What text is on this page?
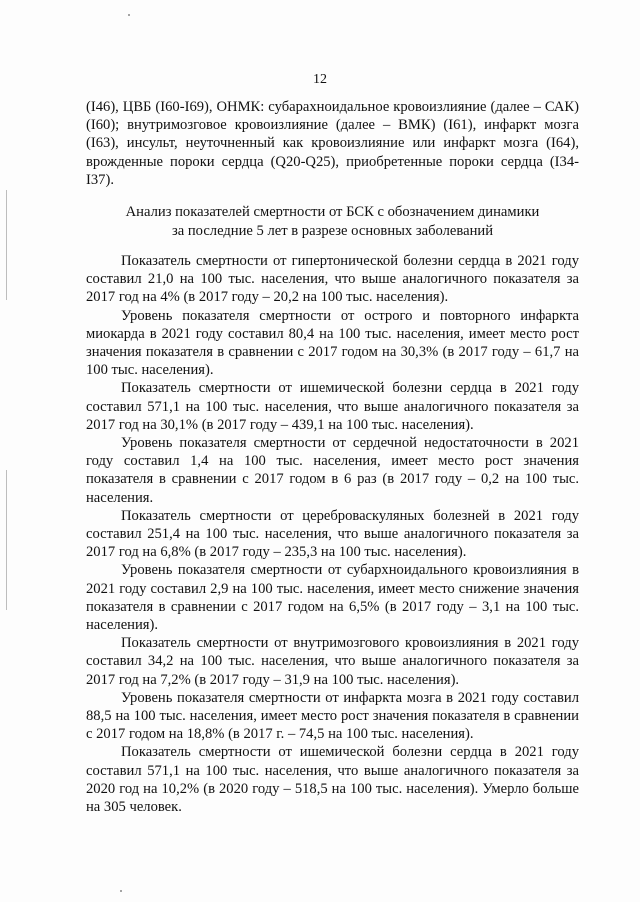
12

(I46), ЦВБ (I60-I69), ОНМК: субарахноидальное кровоизлияние (далее – САК) (I60); внутримозговое кровоизлияние (далее – ВМК) (I61), инфаркт мозга (I63), инсульт, неуточненный как кровоизлияние или инфаркт мозга (I64), врожденные пороки сердца (Q20-Q25), приобретенные пороки сердца (I34-I37).

Анализ показателей смертности от БСК с обозначением динамики
за последние 5 лет в разрезе основных заболеваний

Показатель смертности от гипертонической болезни сердца в 2021 году составил 21,0 на 100 тыс. населения, что выше аналогичного показателя за 2017 год на 4% (в 2017 году – 20,2 на 100 тыс. населения).

Уровень показателя смертности от острого и повторного инфаркта миокарда в 2021 году составил 80,4 на 100 тыс. населения, имеет место рост значения показателя в сравнении с 2017 годом на 30,3% (в 2017 году – 61,7 на 100 тыс. населения).

Показатель смертности от ишемической болезни сердца в 2021 году составил 571,1 на 100 тыс. населения, что выше аналогичного показателя за 2017 год на 30,1% (в 2017 году – 439,1 на 100 тыс. населения).

Уровень показателя смертности от сердечной недостаточности в 2021 году составил 1,4 на 100 тыс. населения, имеет место рост значения показателя в сравнении с 2017 годом в 6 раз (в 2017 году – 0,2 на 100 тыс. населения.

Показатель смертности от цереброваскуляных болезней в 2021 году составил 251,4 на 100 тыс. населения, что выше аналогичного показателя за 2017 год на 6,8% (в 2017 году – 235,3 на 100 тыс. населения).

Уровень показателя смертности от субархноидального кровоизлияния в 2021 году составил 2,9 на 100 тыс. населения, имеет место снижение значения показателя в сравнении с 2017 годом на 6,5% (в 2017 году – 3,1 на 100 тыс. населения).

Показатель смертности от внутримозгового кровоизлияния в 2021 году составил 34,2 на 100 тыс. населения, что выше аналогичного показателя за 2017 год на 7,2% (в 2017 году – 31,9 на 100 тыс. населения).

Уровень показателя смертности от инфаркта мозга в 2021 году составил 88,5 на 100 тыс. населения, имеет место рост значения показателя в сравнении с 2017 годом на 18,8% (в 2017 г. – 74,5 на 100 тыс. населения).

Показатель смертности от ишемической болезни сердца в 2021 году составил 571,1 на 100 тыс. населения, что выше аналогичного показателя за 2020 год на 10,2% (в 2020 году – 518,5 на 100 тыс. населения). Умерло больше на 305 человек.
